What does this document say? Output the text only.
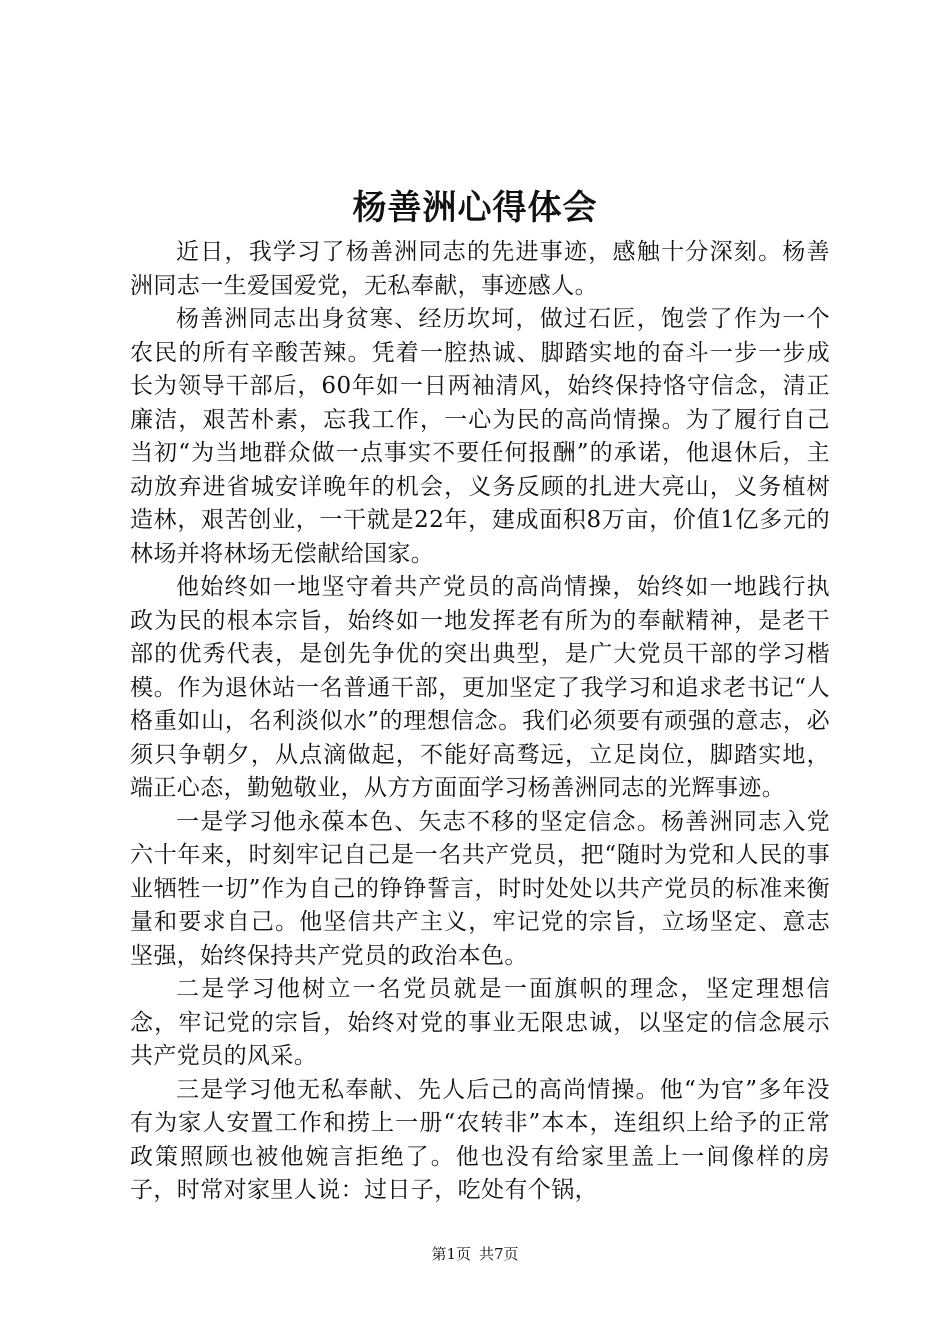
杨善洲心得体会

近日，我学习了杨善洲同志的先进事迹，感触十分深刻。杨善洲同志一生爱国爱党，无私奉献，事迹感人。

杨善洲同志出身贫寒、经历坎坷，做过石匠，饱尝了作为一个农民的所有辛酸苦辣。凭着一腔热诚、脚踏实地的奋斗一步一步成长为领导干部后，60年如一日两袖清风，始终保持恪守信念，清正廉洁，艰苦朴素，忘我工作，一心为民的高尚情操。为了履行自己当初“为当地群众做一点事实不要任何报酬”的承诺，他退休后，主动放弃进省城安详晚年的机会，义务反顾的扎进大亮山，义务植树造林，艰苦创业，一干就是22年，建成面积8万亩，价值1亿多元的林场并将林场无偿献给国家。

他始终如一地坚守着共产党员的高尚情操，始终如一地践行执政为民的根本宗旨，始终如一地发挥老有所为的奉献精神，是老干部的优秀代表，是创先争优的突出典型，是广大党员干部的学习楷模。作为退休站一名普通干部，更加坚定了我学习和追求老书记“人格重如山，名利淡似水”的理想信念。我们必须要有顽强的意志，必须只争朝夕，从点滴做起，不能好高骛远，立足岗位，脚踏实地，端正心态，勤勉敬业，从方方面面学习杨善洲同志的光辉事迹。

一是学习他永葆本色、矢志不移的坚定信念。杨善洲同志入党六十年来，时刻牢记自己是一名共产党员，把“随时为党和人民的事业牺牲一切”作为自己的铮铮誓言，时时处处以共产党员的标准来衡量和要求自己。他坚信共产主义，牢记党的宗旨，立场坚定、意志坚强，始终保持共产党员的政治本色。

二是学习他树立一名党员就是一面旗帜的理念，坚定理想信念，牢记党的宗旨，始终对党的事业无限忠诚，以坚定的信念展示共产党员的风采。

三是学习他无私奉献、先人后己的高尚情操。他“为官”多年没有为家人安置工作和捞上一册“农转非”本本，连组织上给予的正常政策照顾也被他婉言拒绝了。他也没有给家里盖上一间像样的房子，时常对家里人说：过日子，吃处有个锅，

第1页 共7页
